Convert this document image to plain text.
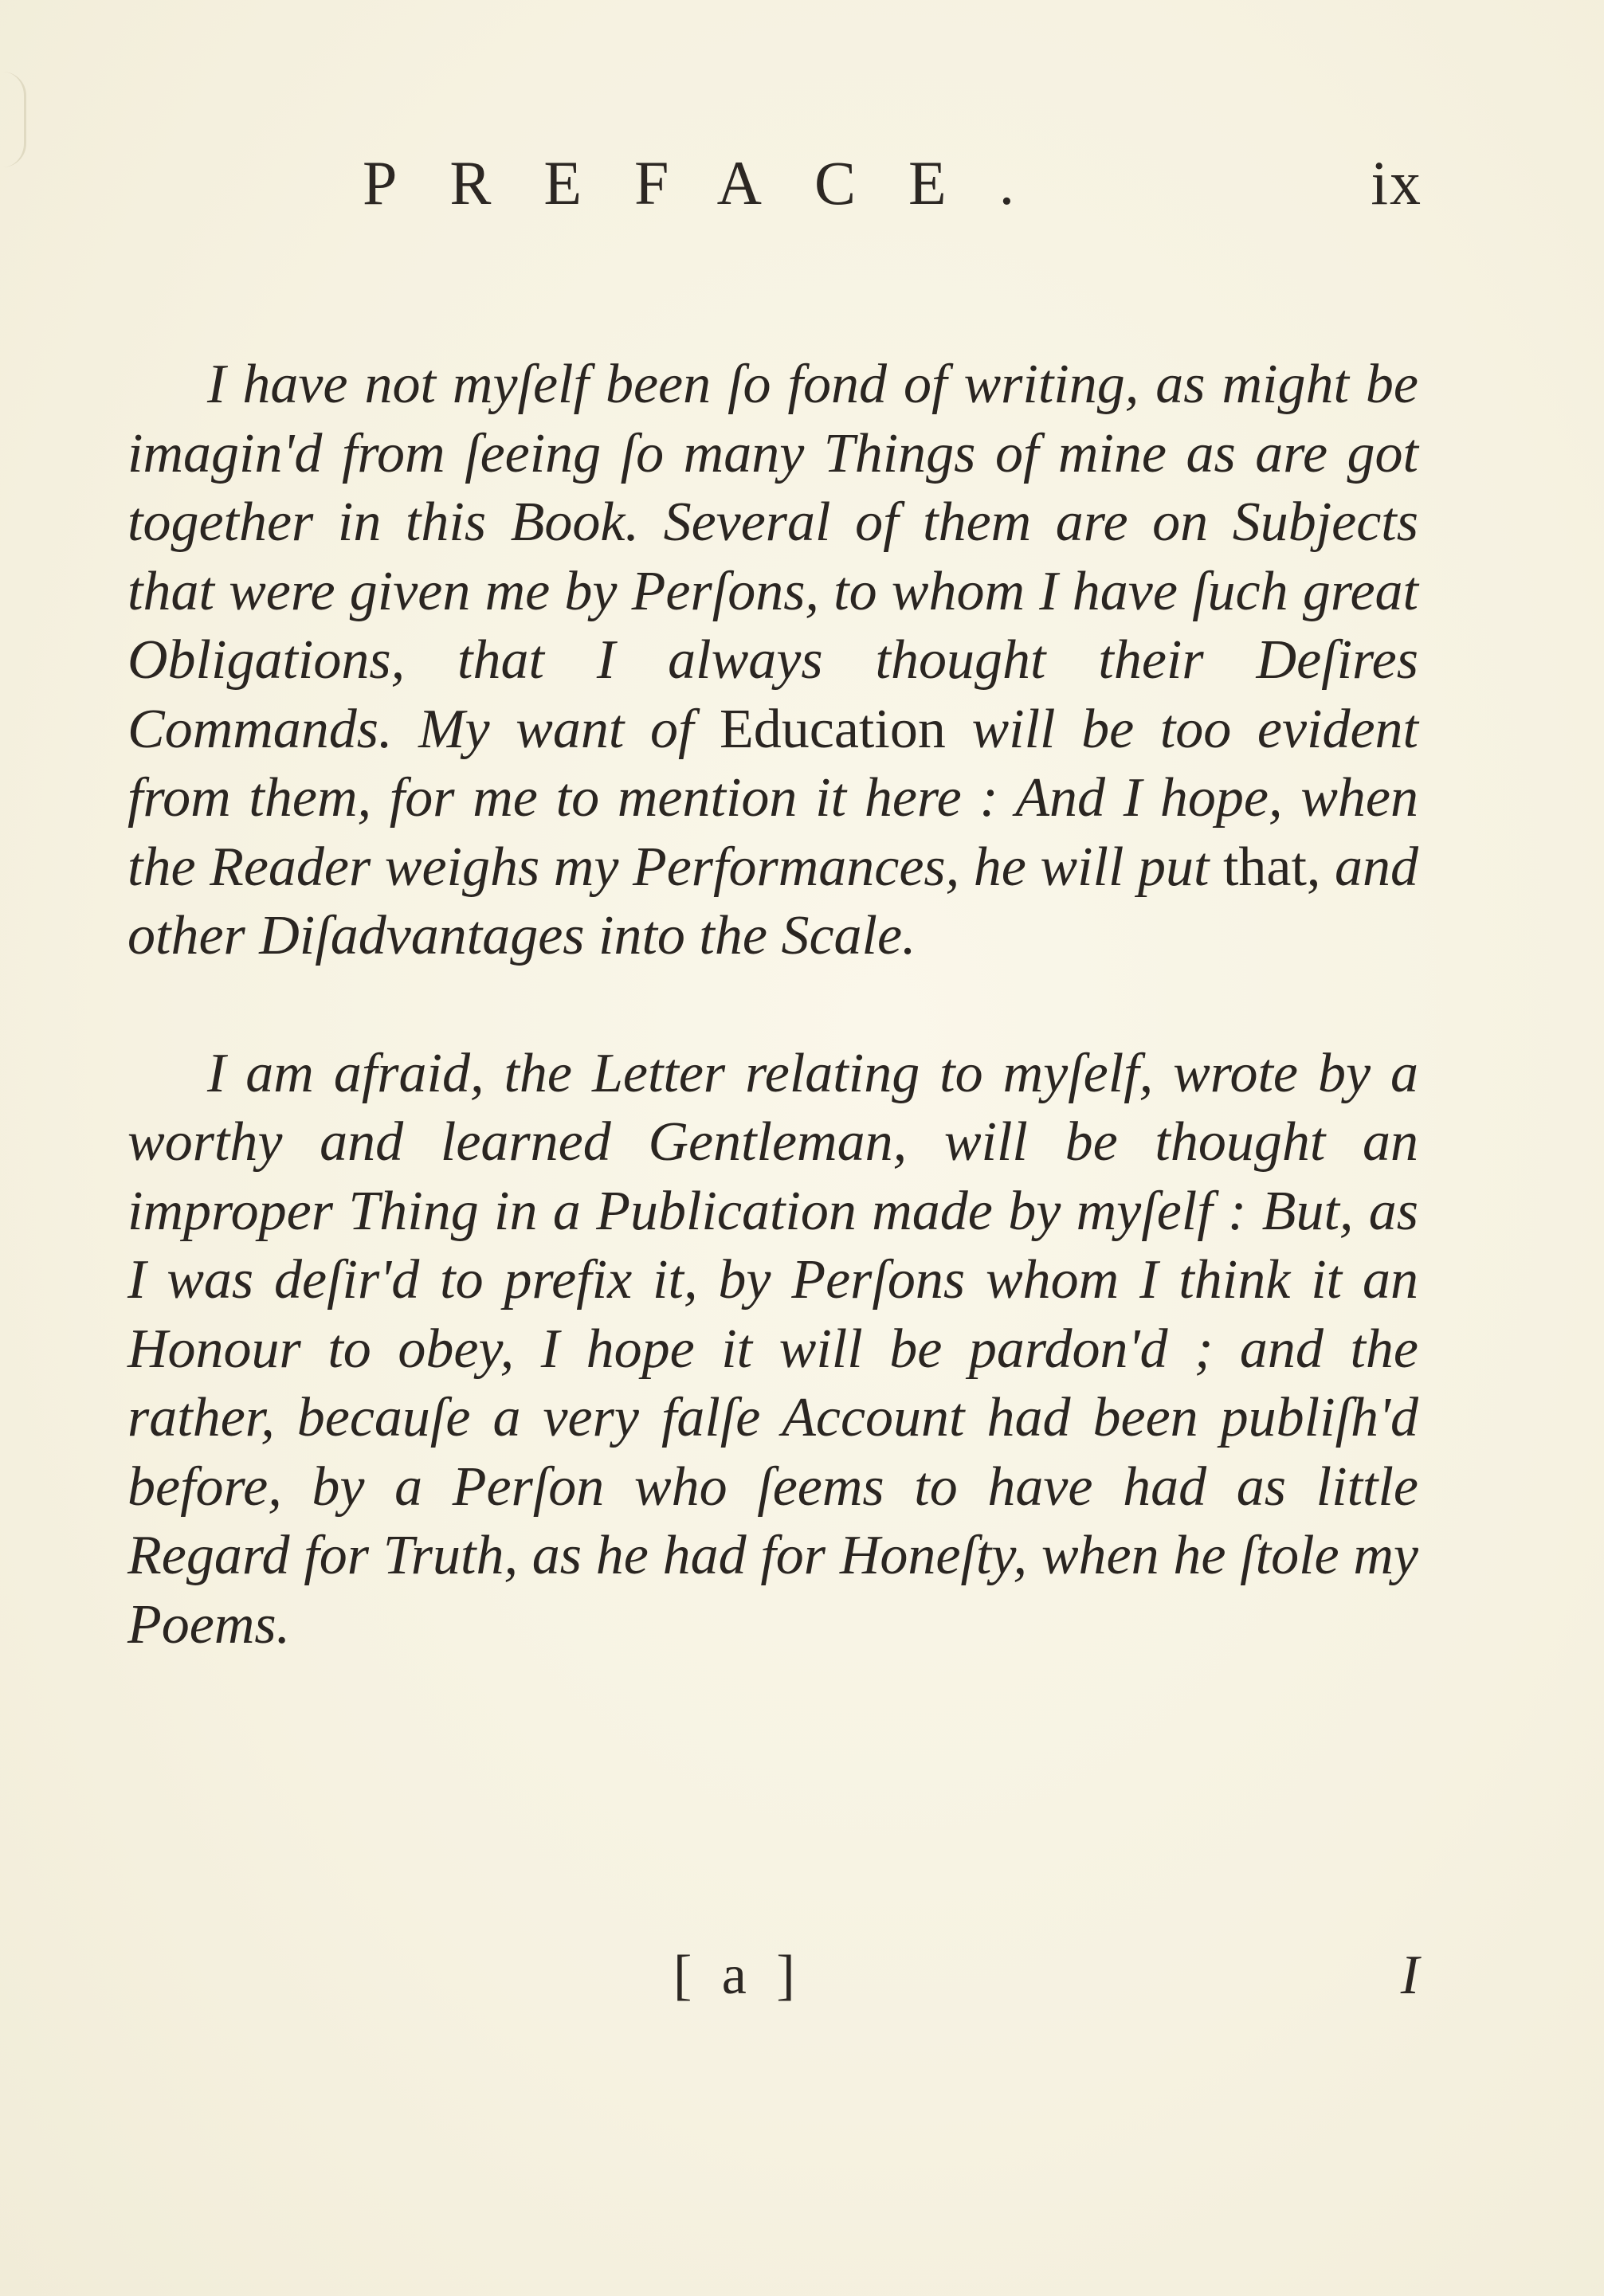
PREFACE.	ix

I have not myſelf been ſo fond of writing, as might be imagin'd from ſeeing ſo many Things of mine as are got together in this Book. Several of them are on Subjects that were given me by Perſons, to whom I have ſuch great Obligations, that I always thought their Deſires Commands. My want of Education will be too evident from them, for me to mention it here : And I hope, when the Reader weighs my Performances, he will put that, and other Diſadvantages into the Scale.

I am afraid, the Letter relating to myſelf, wrote by a worthy and learned Gentleman, will be thought an improper Thing in a Publication made by myſelf : But, as I was deſir'd to prefix it, by Perſons whom I think it an Honour to obey, I hope it will be pardon'd ; and the rather, becauſe a very falſe Account had been publiſh'd before, by a Perſon who ſeems to have had as little Regard for Truth, as he had for Honeſty, when he ſtole my Poems.

[ a ]	I
